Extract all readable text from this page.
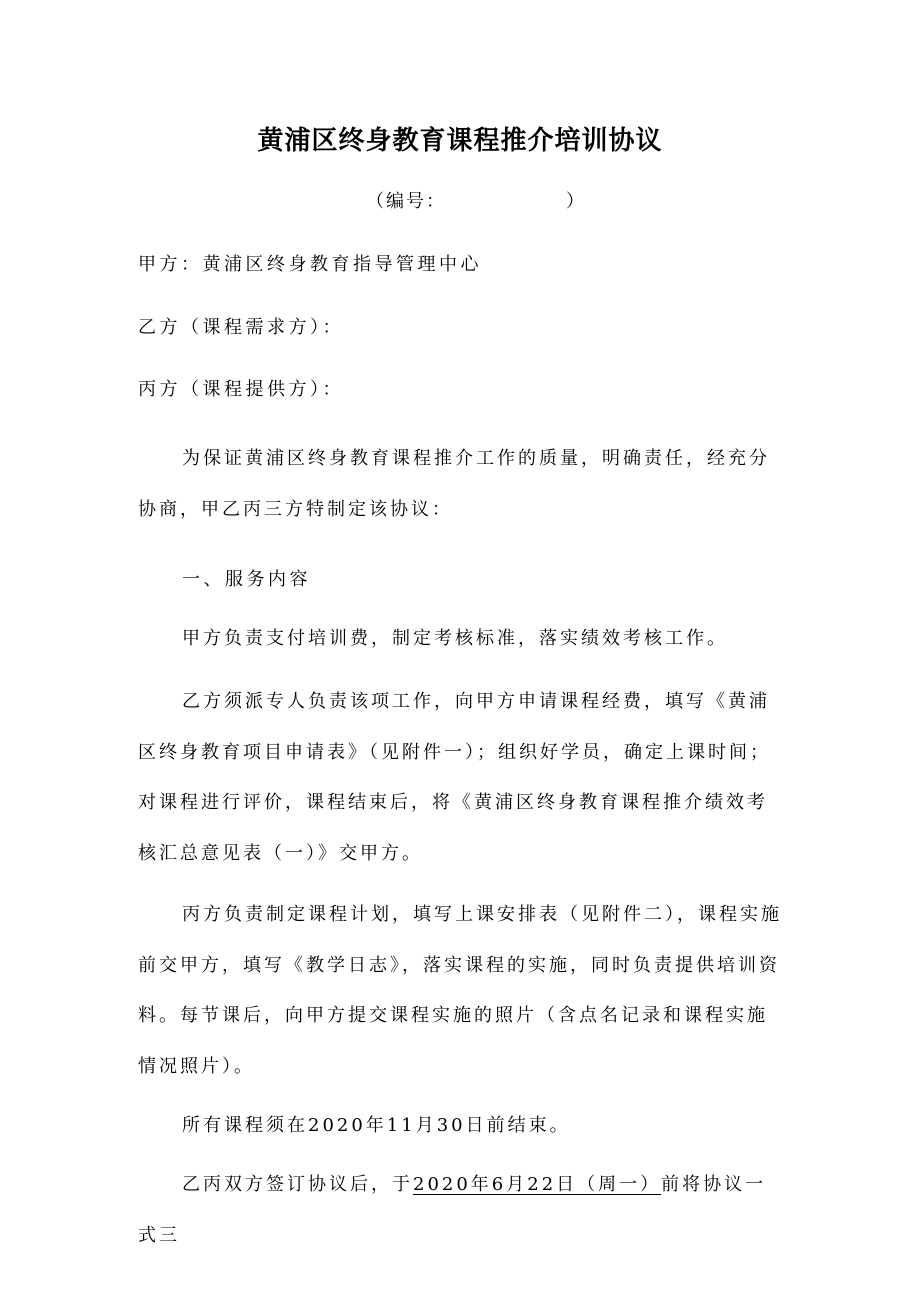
黄浦区终身教育课程推介培训协议
（编号：	）
甲方：黄浦区终身教育指导管理中心
乙方（课程需求方）：
丙方（课程提供方）：
为保证黄浦区终身教育课程推介工作的质量，明确责任，经充分协商，甲乙丙三方特制定该协议：
一、服务内容
甲方负责支付培训费，制定考核标准，落实绩效考核工作。
乙方须派专人负责该项工作，向甲方申请课程经费，填写《黄浦区终身教育项目申请表》（见附件一）；组织好学员，确定上课时间；对课程进行评价，课程结束后，将《黄浦区终身教育课程推介绩效考核汇总意见表（一）》交甲方。
丙方负责制定课程计划，填写上课安排表（见附件二），课程实施前交甲方，填写《教学日志》，落实课程的实施，同时负责提供培训资料。每节课后，向甲方提交课程实施的照片（含点名记录和课程实施情况照片）。
所有课程须在2020年11月30日前结束。
乙丙双方签订协议后，于2020年6月22日（周一）前将协议一式三
